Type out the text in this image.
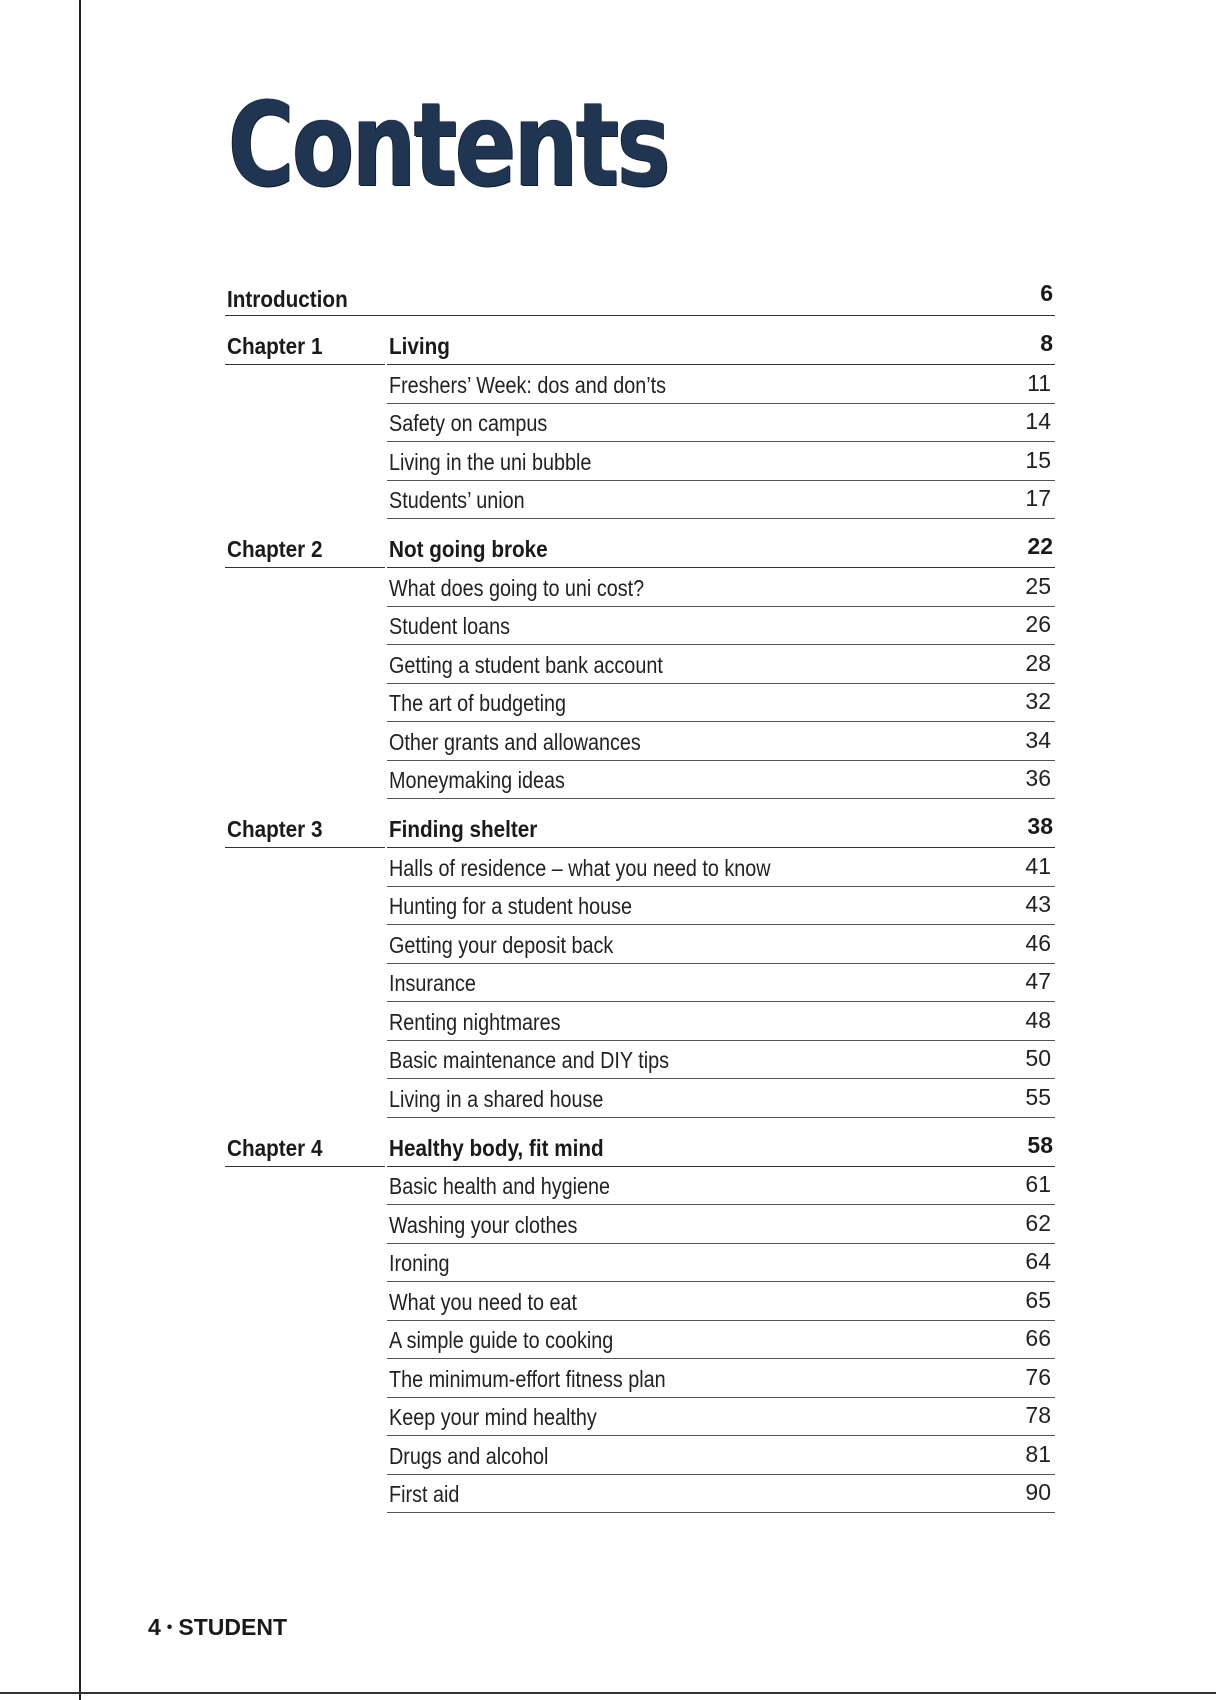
Contents
Introduction	6
Chapter 1	Living	8
Freshers’ Week: dos and don’ts	11
Safety on campus	14
Living in the uni bubble	15
Students’ union	17
Chapter 2	Not going broke	22
What does going to uni cost?	25
Student loans	26
Getting a student bank account	28
The art of budgeting	32
Other grants and allowances	34
Moneymaking ideas	36
Chapter 3	Finding shelter	38
Halls of residence – what you need to know	41
Hunting for a student house	43
Getting your deposit back	46
Insurance	47
Renting nightmares	48
Basic maintenance and DIY tips	50
Living in a shared house	55
Chapter 4	Healthy body, fit mind	58
Basic health and hygiene	61
Washing your clothes	62
Ironing	64
What you need to eat	65
A simple guide to cooking	66
The minimum-effort fitness plan	76
Keep your mind healthy	78
Drugs and alcohol	81
First aid	90
4 • STUDENT
